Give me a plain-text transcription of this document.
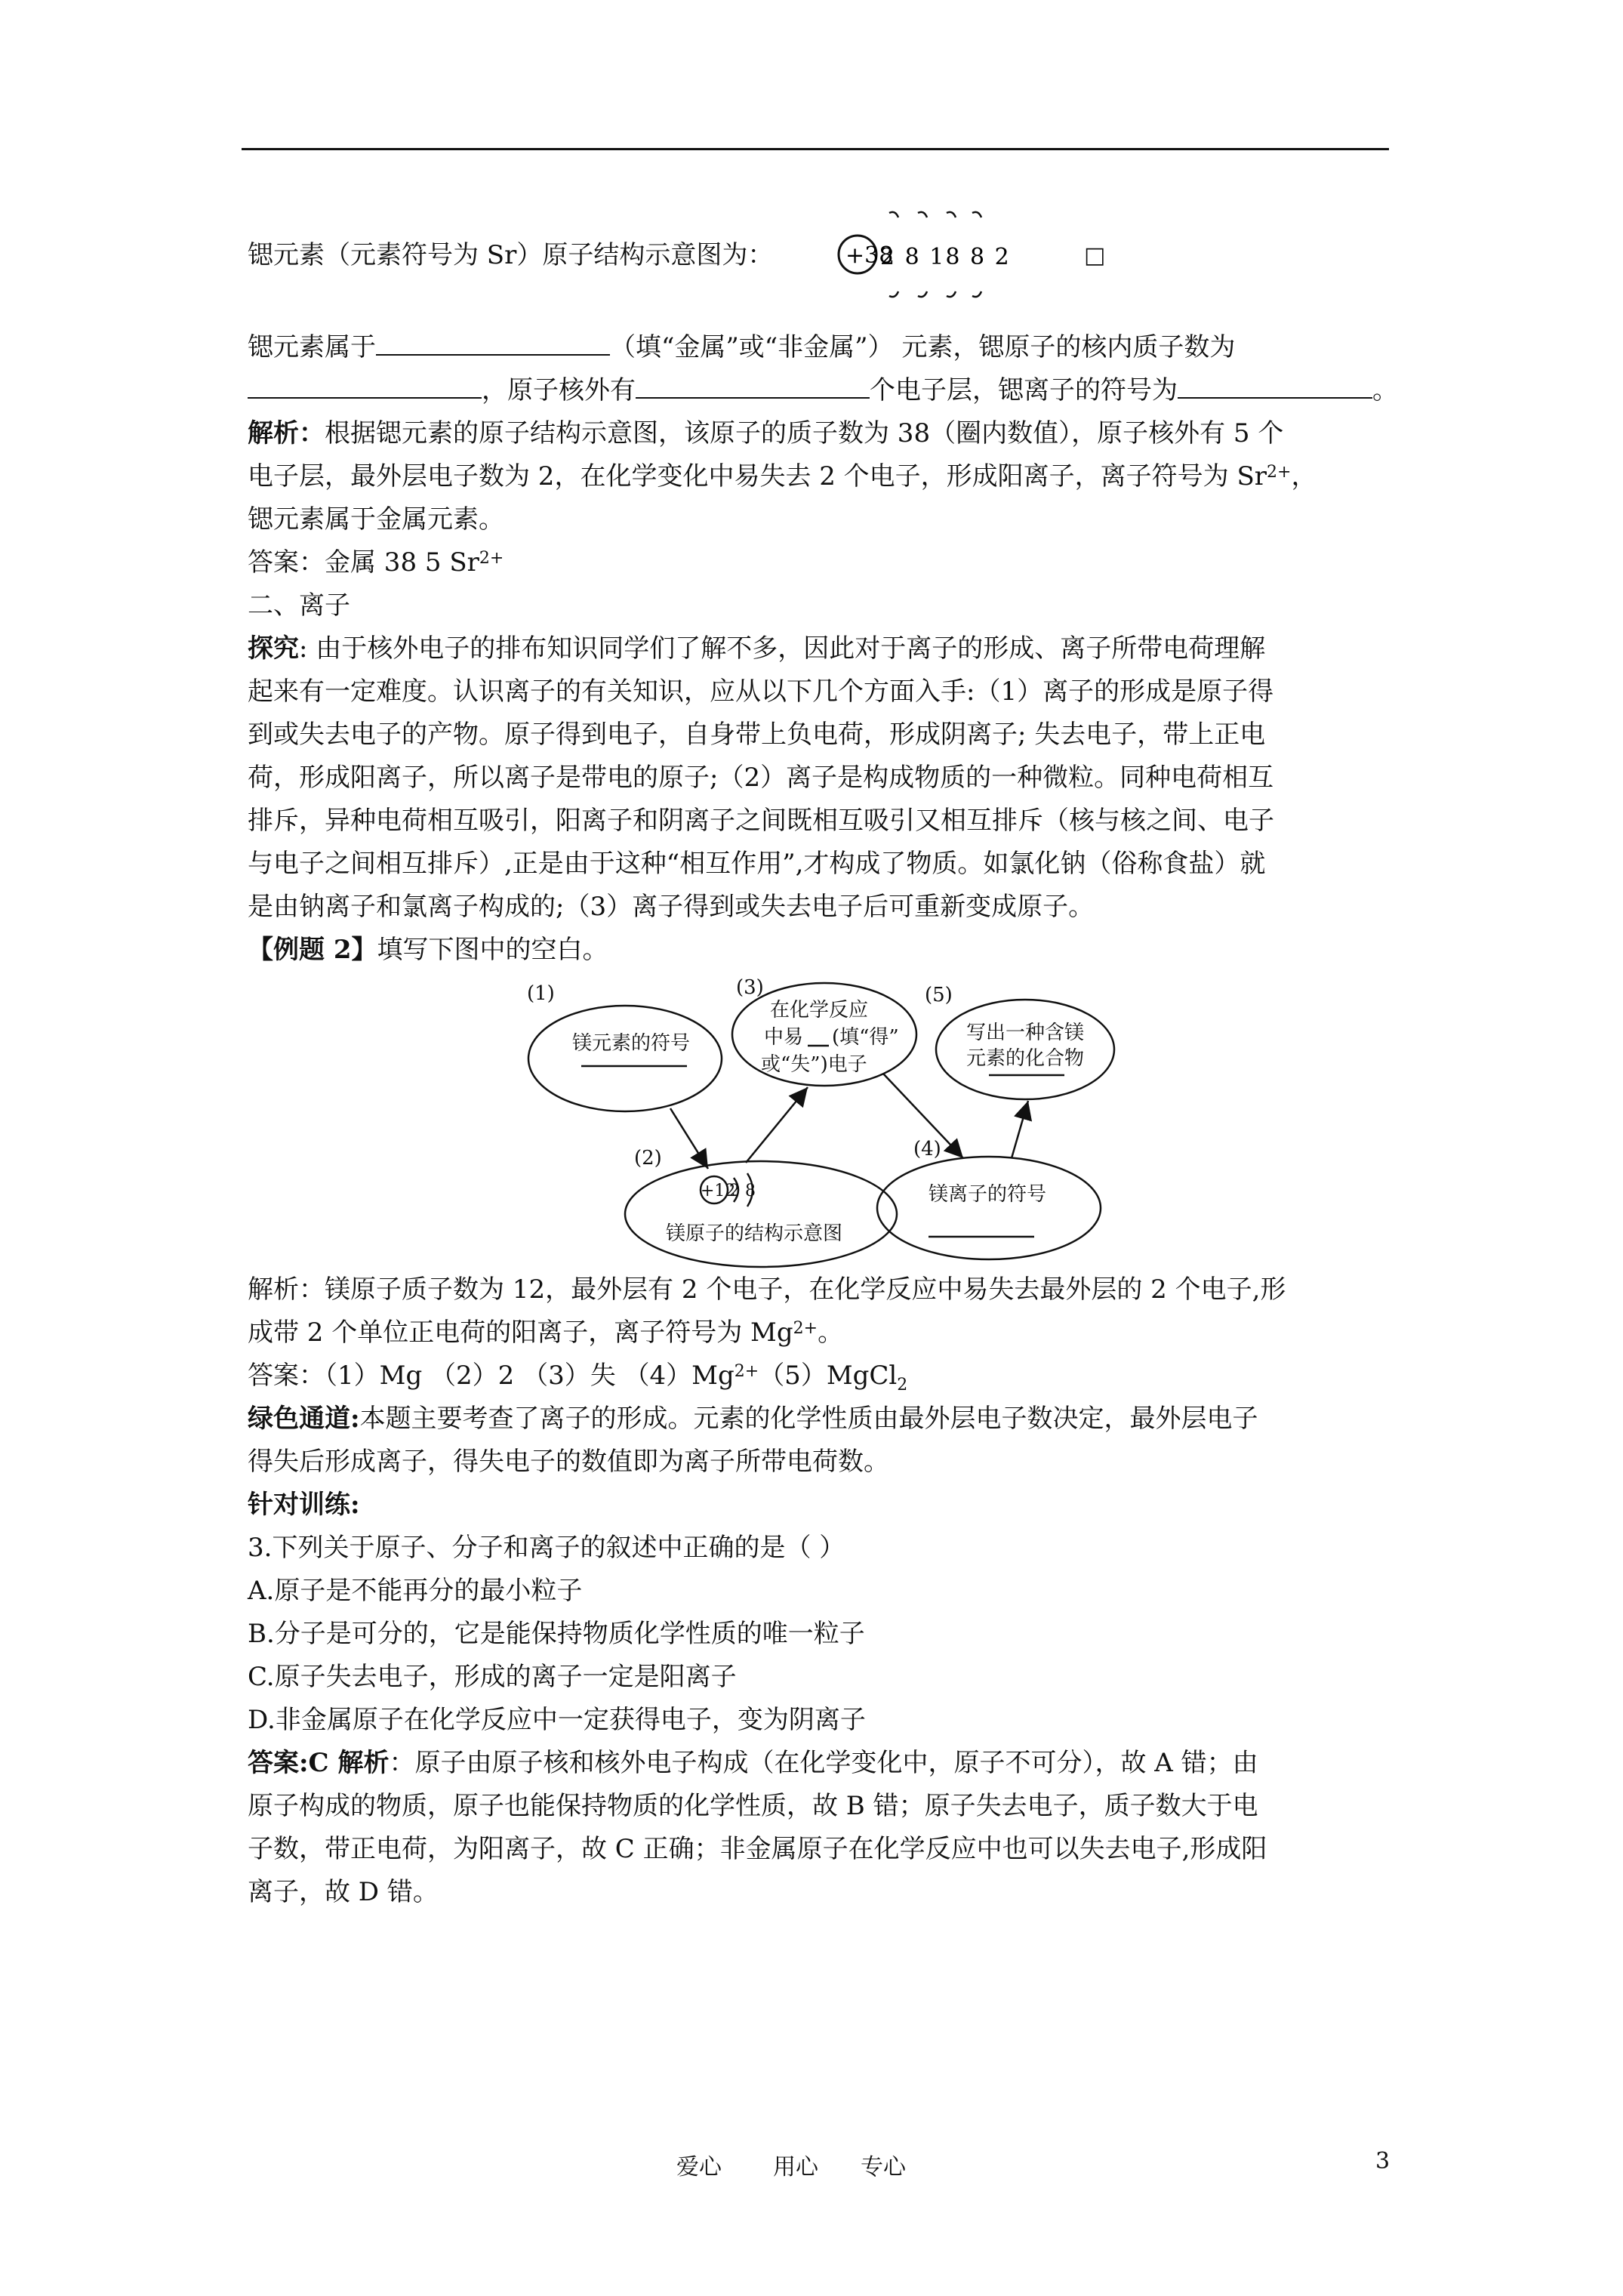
锶元素（元素符号为 Sr）原子结构示意图为：	+38
2 8 18 8 2	□
锶元素属于	（填“金属”或“非金属”） 元素，锶原子的核内质子数为
，原子核外有	个电子层，锶离子的符号为	。
解析：根据锶元素的原子结构示意图，该原子的质子数为 38（圈内数值），原子核外有 5 个
电子层，最外层电子数为 2，在化学变化中易失去 2 个电子，形成阳离子，离子符号为 $Sr^{2+}$，
锶元素属于金属元素。
答案：金属 38 5 $Sr^{2+}$
二、离子
探究: 由于核外电子的排布知识同学们了解不多，因此对于离子的形成、离子所带电荷理解
起来有一定难度。认识离子的有关知识，应从以下几个方面入手:（1）离子的形成是原子得
到或失去电子的产物。原子得到电子，自身带上负电荷，形成阴离子; 失去电子，带上正电
荷，形成阳离子，所以离子是带电的原子;（2）离子是构成物质的一种微粒。同种电荷相互
排斥，异种电荷相互吸引，阳离子和阴离子之间既相互吸引又相互排斥（核与核之间、电子
与电子之间相互排斥）,正是由于这种“相互作用”,才构成了物质。如氯化钠（俗称食盐）就
是由钠离子和氯离子构成的;（3）离子得到或失去电子后可重新变成原子。
【例题 2】填写下图中的空白。
(1)
(2)
(3)
(4)
(5)
镁元素的符号
在化学反应
中易 (填“得”
或“失”)电子
写出一种含镁
元素的化合物
镁原子的结构示意图
镁离子的符号
+12
2 8
解析：镁原子质子数为 12，最外层有 2 个电子，在化学反应中易失去最外层的 2 个电子,形
成带 2 个单位正电荷的阳离子，离子符号为 $Mg^{2+}$。
答案：（1）Mg （2）2 （3）失 $(4)Mg^{2+}(5)MgCl_2$
绿色通道:本题主要考查了离子的形成。元素的化学性质由最外层电子数决定，最外层电子
得失后形成离子，得失电子的数值即为离子所带电荷数。
针对训练:
3.下列关于原子、分子和离子的叙述中正确的是（ ）
A.原子是不能再分的最小粒子
B.分子是可分的，它是能保持物质化学性质的唯一粒子
C.原子失去电子，形成的离子一定是阳离子
D.非金属原子在化学反应中一定获得电子，变为阴离子
答案:C 解析：原子由原子核和核外电子构成（在化学变化中，原子不可分），故 A 错；由
原子构成的物质，原子也能保持物质的化学性质，故 B 错；原子失去电子，质子数大于电
子数，带正电荷，为阳离子，故 C 正确；非金属原子在化学反应中也可以失去电子,形成阳
离子，故 D 错。
爱心 用心 专心	3
